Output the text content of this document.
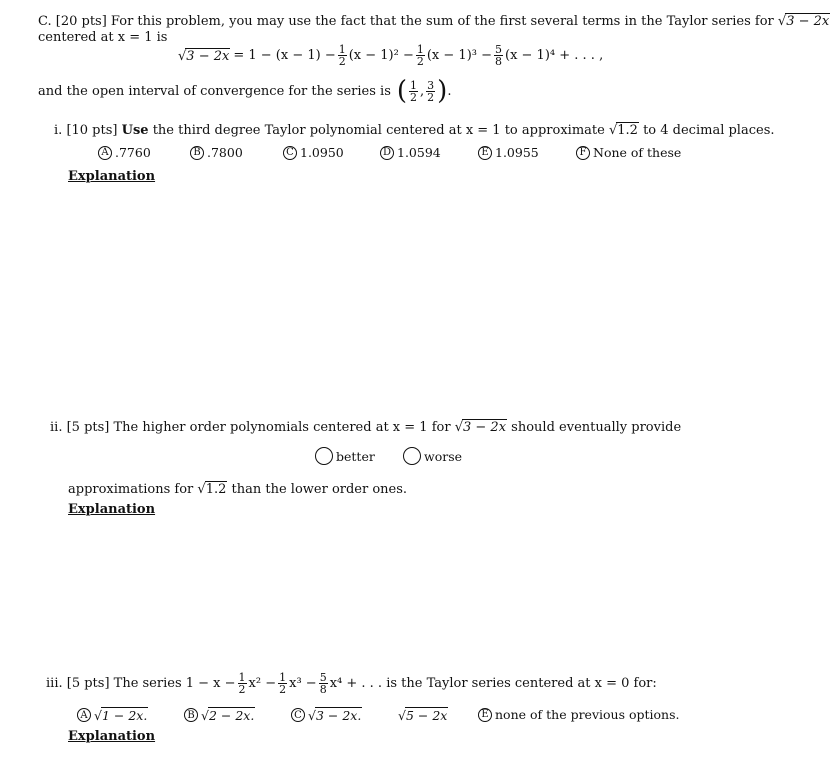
C. [20 pts] For this problem, you may use the fact that the sum of the first several terms in the Taylor series for √3 − 2x
centered at x = 1 is
$√3 - 2x = 1 - (x - 1) - \frac{1}{2} (x - 1)^2 - \frac{1}{2} (x - 1)^3 - \frac{5}{8} (x - 1)^4$ + . . . ,
and the open interval of convergence for the series is ( $\frac{1}{2}$ , $\frac{3}{2}$ ) .
i. [10 pts] Use the third degree Taylor polynomial centered at x = 1 to approximate √1.2 to 4 decimal places.
A .7760	B .7800	C 1.0950	D 1.0594	E 1.0955	F None of these
Explanation
ii. [5 pts] The higher order polynomials centered at x = 1 for √3 − 2x should eventually provide
better	worse
approximations for √1.2 than the lower order ones.
Explanation
iii.
[5 pts] The series $1 - x - \frac{1}{2} x^2 - \frac{1}{2} x^3 - \frac{5}{8} x^4$ + . . . is the Taylor series centered at x = 0 for:
A √1 − 2x.	B √2 − 2x.	C √3 − 2x.	√5 − 2x	E none of the previous options.
Explanation
